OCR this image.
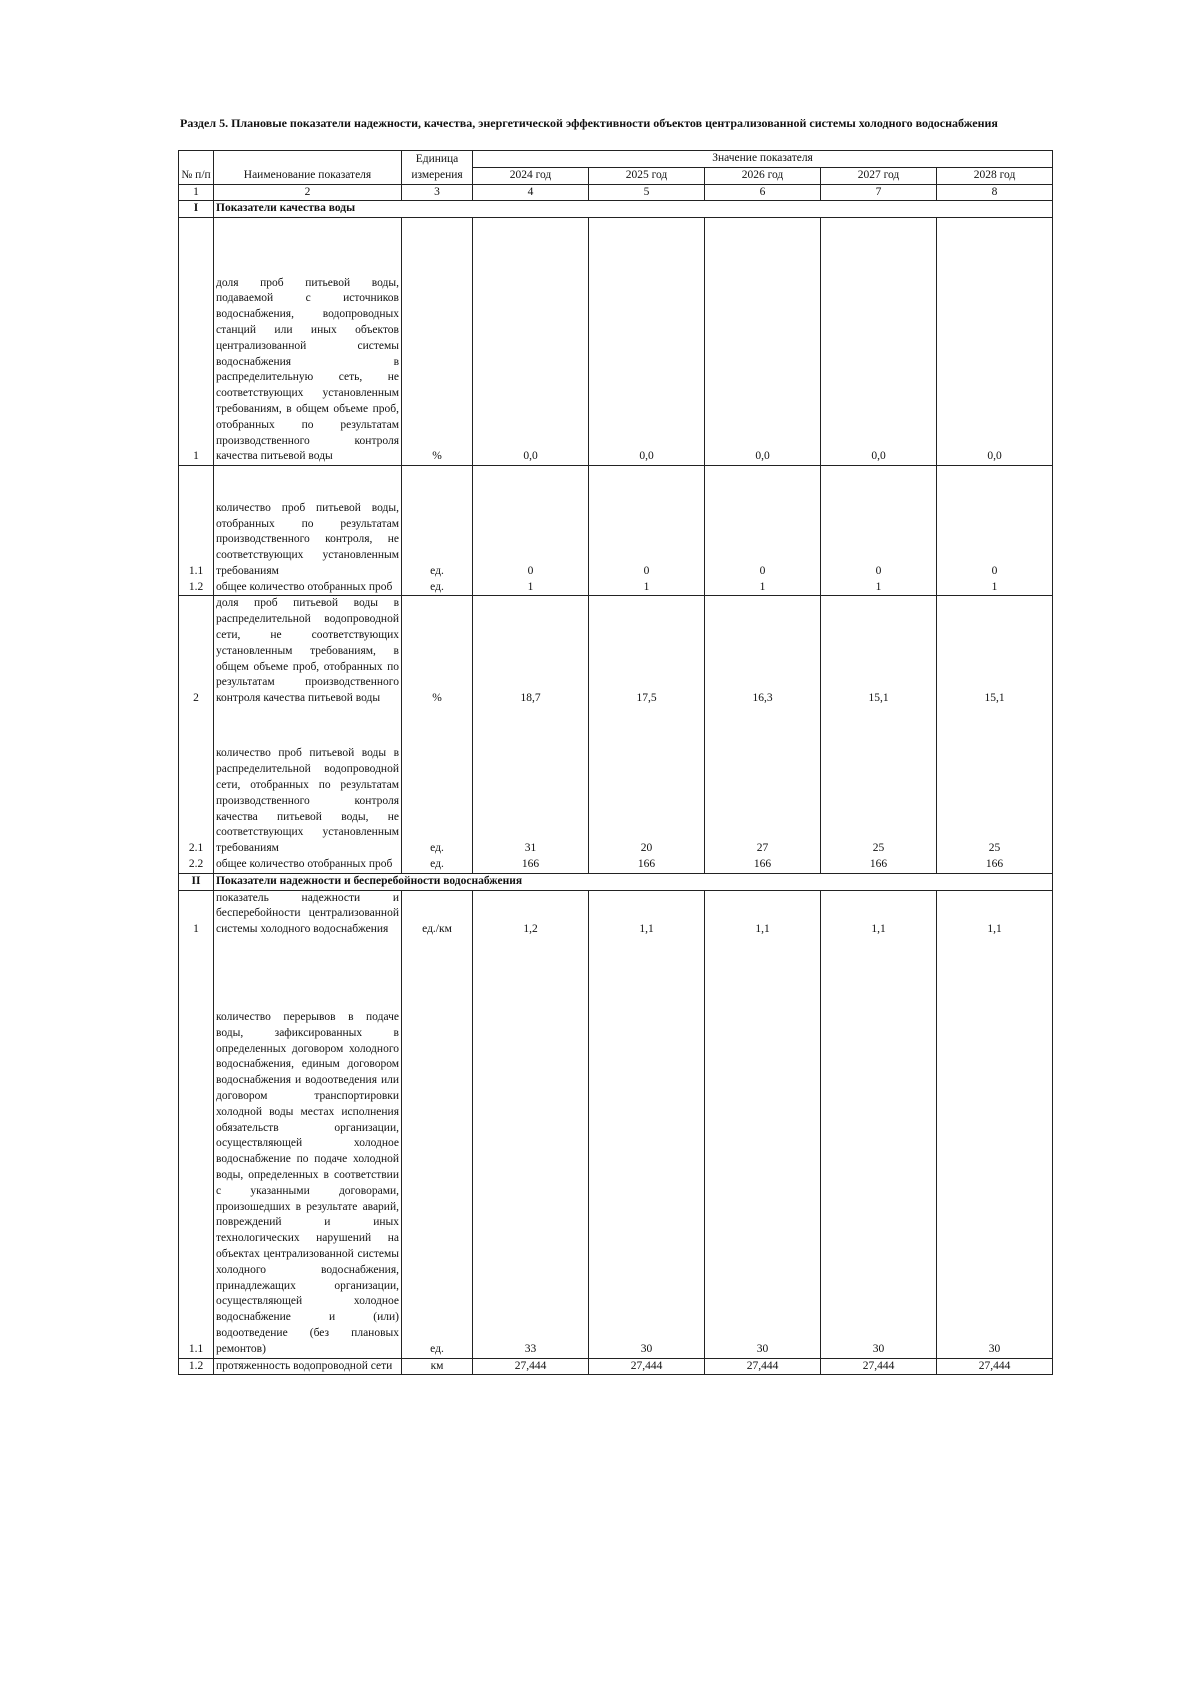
Раздел 5. Плановые показатели надежности, качества, энергетической эффективности объектов централизованной системы холодного водоснабжения
№ п/п	Наименование показателя	Единица измерения	Значение показателя				
			2024 год	2025 год	2026 год	2027 год	2028 год
1	2	3	4	5	6	7	8
I	Показатели качества воды						
1	доля проб питьевой воды, подаваемой с источников водоснабжения, водопроводных станций или иных объектов централизованной системы водоснабжения в распределительную сеть, не соответствующих установленным требованиям, в общем объеме проб, отобранных по результатам производственного контроля качества питьевой воды	%	0,0	0,0	0,0	0,0	0,0
1.1	количество проб питьевой воды, отобранных по результатам производственного контроля, не соответствующих установленным требованиям	ед.	0	0	0	0	0
1.2	общее количество отобранных проб	ед.	1	1	1	1	1
2	доля проб питьевой воды в распределительной водопроводной сети, не соответствующих установленным требованиям, в общем объеме проб, отобранных по результатам производственного контроля качества питьевой воды	%	18,7	17,5	16,3	15,1	15,1
2.1	количество проб питьевой воды в распределительной водопроводной сети, отобранных по результатам производственного контроля качества питьевой воды, не соответствующих установленным требованиям	ед.	31	20	27	25	25
2.2	общее количество отобранных проб	ед.	166	166	166	166	166
II	Показатели надежности и бесперебойности водоснабжения						
1	показатель надежности и бесперебойности централизованной системы холодного водоснабжения	ед./км	1,2	1,1	1,1	1,1	1,1
1.1	количество перерывов в подаче воды, зафиксированных в определенных договором холодного водоснабжения, единым договором водоснабжения и водоотведения или договором транспортировки холодной воды местах исполнения обязательств организации, осуществляющей холодное водоснабжение по подаче холодной воды, определенных в соответствии с указанными договорами, произошедших в результате аварий, повреждений и иных технологических нарушений на объектах централизованной системы холодного водоснабжения, принадлежащих организации, осуществляющей холодное водоснабжение и (или) водоотведение (без плановых ремонтов)	ед.	33	30	30	30	30
1.2	протяженность водопроводной сети	км	27,444	27,444	27,444	27,444	27,444
